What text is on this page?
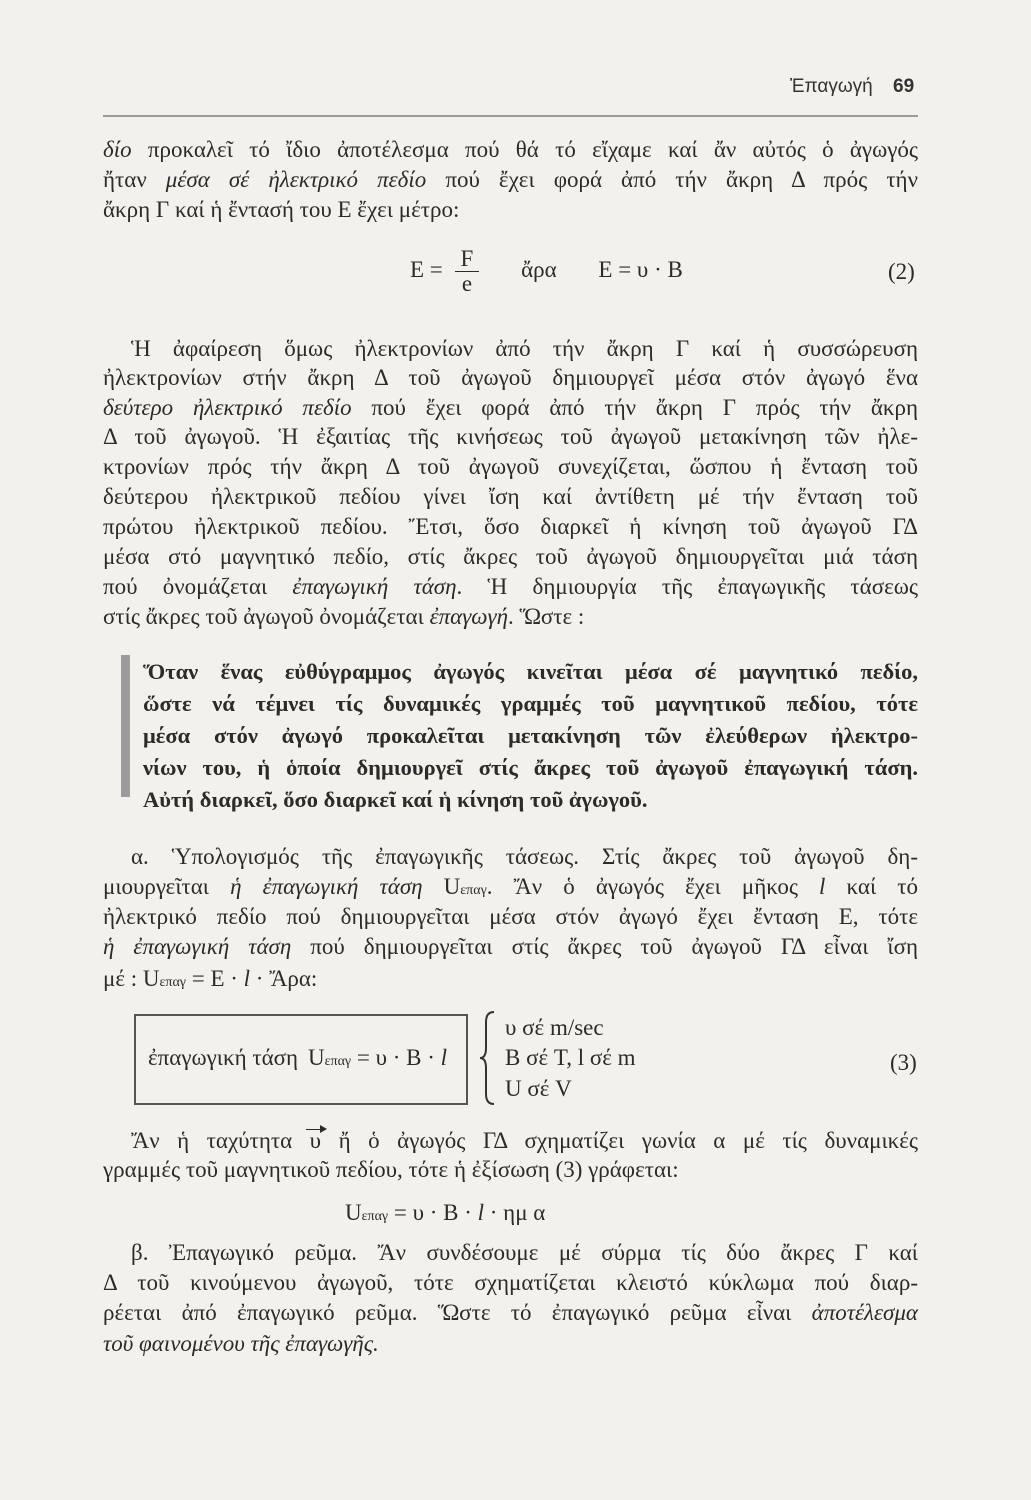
Ἐπαγωγή 69
δίο προκαλεῖ τό ἴδιο ἀποτέλεσμα πού θά τό εἴχαμε καί ἄν αὐτός ὁ ἀγωγός
ἤταν μέσα σέ ἠλεκτρικό πεδίο πού ἔχει φορά ἀπό τήν ἄκρη Δ πρός τήν
ἄκρη Γ καί ἡ ἔντασή του Ε ἔχει μέτρο:
Ἡ ἀφαίρεση ὅμως ἠλεκτρονίων ἀπό τήν ἄκρη Γ καί ἡ συσσώρευση
ἠλεκτρονίων στήν ἄκρη Δ τοῦ ἀγωγοῦ δημιουργεῖ μέσα στόν ἀγωγό ἕνα
δεύτερο ἠλεκτρικό πεδίο πού ἔχει φορά ἀπό τήν ἄκρη Γ πρός τήν ἄκρη
Δ τοῦ ἀγωγοῦ. Ἡ ἐξαιτίας τῆς κινήσεως τοῦ ἀγωγοῦ μετακίνηση τῶν ἠλε-
κτρονίων πρός τήν ἄκρη Δ τοῦ ἀγωγοῦ συνεχίζεται, ὥσπου ἡ ἔνταση τοῦ
δεύτερου ἠλεκτρικοῦ πεδίου γίνει ἴση καί ἀντίθετη μέ τήν ἔνταση τοῦ
πρώτου ἠλεκτρικοῦ πεδίου. Ἔτσι, ὅσο διαρκεῖ ἡ κίνηση τοῦ ἀγωγοῦ ΓΔ
μέσα στό μαγνητικό πεδίο, στίς ἄκρες τοῦ ἀγωγοῦ δημιουργεῖται μιά τάση
πού ὀνομάζεται ἐπαγωγική τάση. Ἡ δημιουργία τῆς ἐπαγωγικῆς τάσεως
στίς ἄκρες τοῦ ἀγωγοῦ ὀνομάζεται ἐπαγωγή. Ὥστε :
Ὅταν ἕνας εὐθύγραμμος ἀγωγός κινεῖται μέσα σέ μαγνητικό πεδίο,
ὥστε νά τέμνει τίς δυναμικές γραμμές τοῦ μαγνητικοῦ πεδίου, τότε
μέσα στόν ἀγωγό προκαλεῖται μετακίνηση τῶν ἐλεύθερων ἠλεκτρο-
νίων του, ἡ ὁποία δημιουργεῖ στίς ἄκρες τοῦ ἀγωγοῦ ἐπαγωγική τάση.
Αὐτή διαρκεῖ, ὅσο διαρκεῖ καί ἡ κίνηση τοῦ ἀγωγοῦ.
α. Ὑπολογισμός τῆς ἐπαγωγικῆς τάσεως. Στίς ἄκρες τοῦ ἀγωγοῦ δη-
μιουργεῖται ἡ ἐπαγωγική τάση Uεπαγ. Ἄν ὁ ἀγωγός ἔχει μῆκος l καί τό
ἠλεκτρικό πεδίο πού δημιουργεῖται μέσα στόν ἀγωγό ἔχει ἔνταση Ε, τότε
ἡ ἐπαγωγική τάση πού δημιουργεῖται στίς ἄκρες τοῦ ἀγωγοῦ ΓΔ εἶναι ἴση
μέ : Uεπαγ = Ε · l · Ἄρα:
Ἄν ἡ ταχύτητα υ ἤ ὁ ἀγωγός ΓΔ σχηματίζει γωνία α μέ τίς δυναμικές
γραμμές τοῦ μαγνητικοῦ πεδίου, τότε ἡ ἐξίσωση (3) γράφεται:
β. Ἐπαγωγικό ρεῦμα. Ἄν συνδέσουμε μέ σύρμα τίς δύο ἄκρες Γ καί
Δ τοῦ κινούμενου ἀγωγοῦ, τότε σχηματίζεται κλειστό κύκλωμα πού διαρ-
ρέεται ἀπό ἐπαγωγικό ρεῦμα. Ὥστε τό ἐπαγωγικό ρεῦμα εἶναι ἀποτέλεσμα
τοῦ φαινομένου τῆς ἐπαγωγῆς.
$E = \frac{F}{e}$ ἄρα E = υ · B	(2)
ἐπαγωγική τάση Uεπαγ = υ · B · l
υ σέ m/sec
B σέ T, l σέ m
U σέ V
(3)
Uεπαγ = υ · B · l · ημ α
